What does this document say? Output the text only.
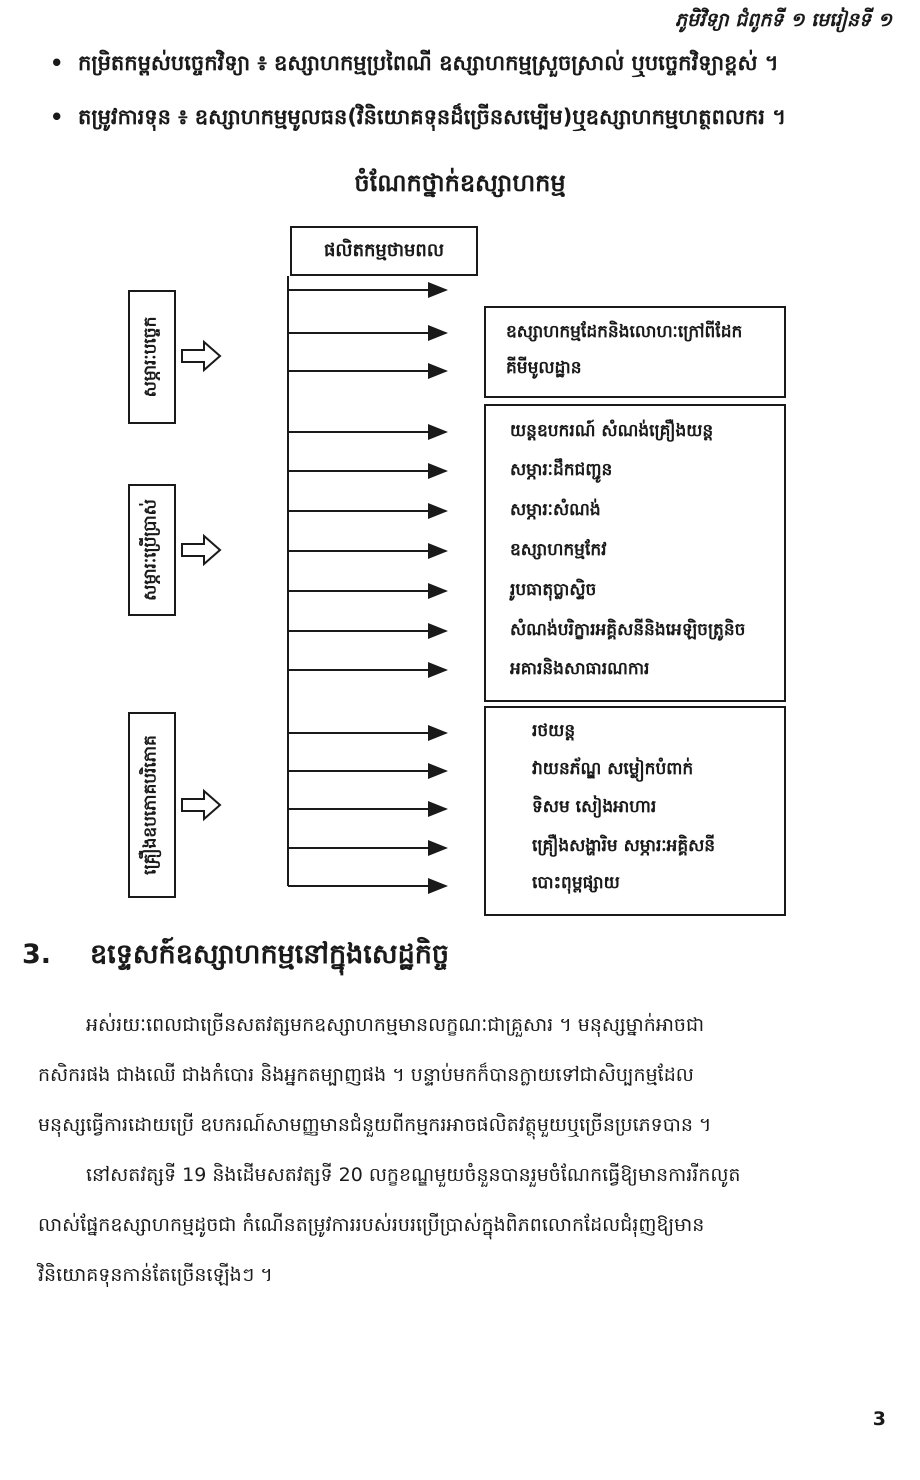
ភូមិវិទ្យា ជំពូកទី ១ មេរៀនទី ១
• កម្រិតកម្ពស់បច្ចេកវិទ្យា ៖ ឧស្សាហកម្មប្រពៃណី ឧស្សាហកម្មស្រួចស្រាល់ ឬបច្ចេកវិទ្យាខ្ពស់ ។
• តម្រូវការទុន ៖ ឧស្សាហកម្មមូលធន(វិនិយោគទុនដ៏ច្រើនសម្បើម)ឬឧស្សាហកម្មហត្ថពលករ ។
ចំណែកថ្នាក់ឧស្សាហកម្ម
ផលិតកម្មថាមពល
សម្ភារៈបច្ចេក
សម្ភារៈប្រើប្រាស់
គ្រឿងឧបភោគបរិភោគ
ឧស្សាហកម្មដែកនិងលោហៈក្រៅពីដែក
គីមីមូលដ្ឋាន
យន្តឧបករណ៍ សំណង់គ្រឿងយន្ត
សម្ភារៈដឹកជញ្ជូន
សម្ភារៈសំណង់
ឧស្សាហកម្មកែវ
រូបធាតុប្លាស្ទិច
សំណង់បរិក្ខារអគ្គិសនីនិងអេឡិចត្រូនិច
អគារនិងសាធារណការ
រថយន្ត
វាយនភ័ណ្ឌ សម្លៀកបំពាក់
ទិសម សៀងអាហារ
គ្រឿងសង្ហារិម សម្ភារៈអគ្គិសនី
បោះពុម្ពផ្សាយ
3. ឧទ្ទេសក៍ឧស្សាហកម្មនៅក្នុងសេដ្ឋកិច្ច
អស់រយៈពេលជាច្រើនសតវត្សមកឧស្សាហកម្មមានលក្ខណៈជាគ្រួសារ ។ មនុស្សម្នាក់អាចជា
កសិករផង ជាងឈើ ជាងកំបោរ និងអ្នកតម្បាញផង ។ បន្ទាប់មកក៏បានក្លាយទៅជាសិប្បកម្មដែល
មនុស្សធ្វើការដោយប្រើ ឧបករណ៍សាមញ្ញមានជំនួយពីកម្មករអាចផលិតវត្ថុមួយឬច្រើនប្រភេទបាន ។
នៅសតវត្សទី 19 និងដើមសតវត្សទី 20 លក្ខខណ្ឌមួយចំនួនបានរួមចំណែកធ្វើឱ្យមានការរីកលូត
លាស់ផ្នែកឧស្សាហកម្មដូចជា កំណើនតម្រូវការរបស់របរប្រើប្រាស់ក្នុងពិភពលោកដែលជំរុញឱ្យមាន
វិនិយោគទុនកាន់តែច្រើនឡើងៗ ។
3
